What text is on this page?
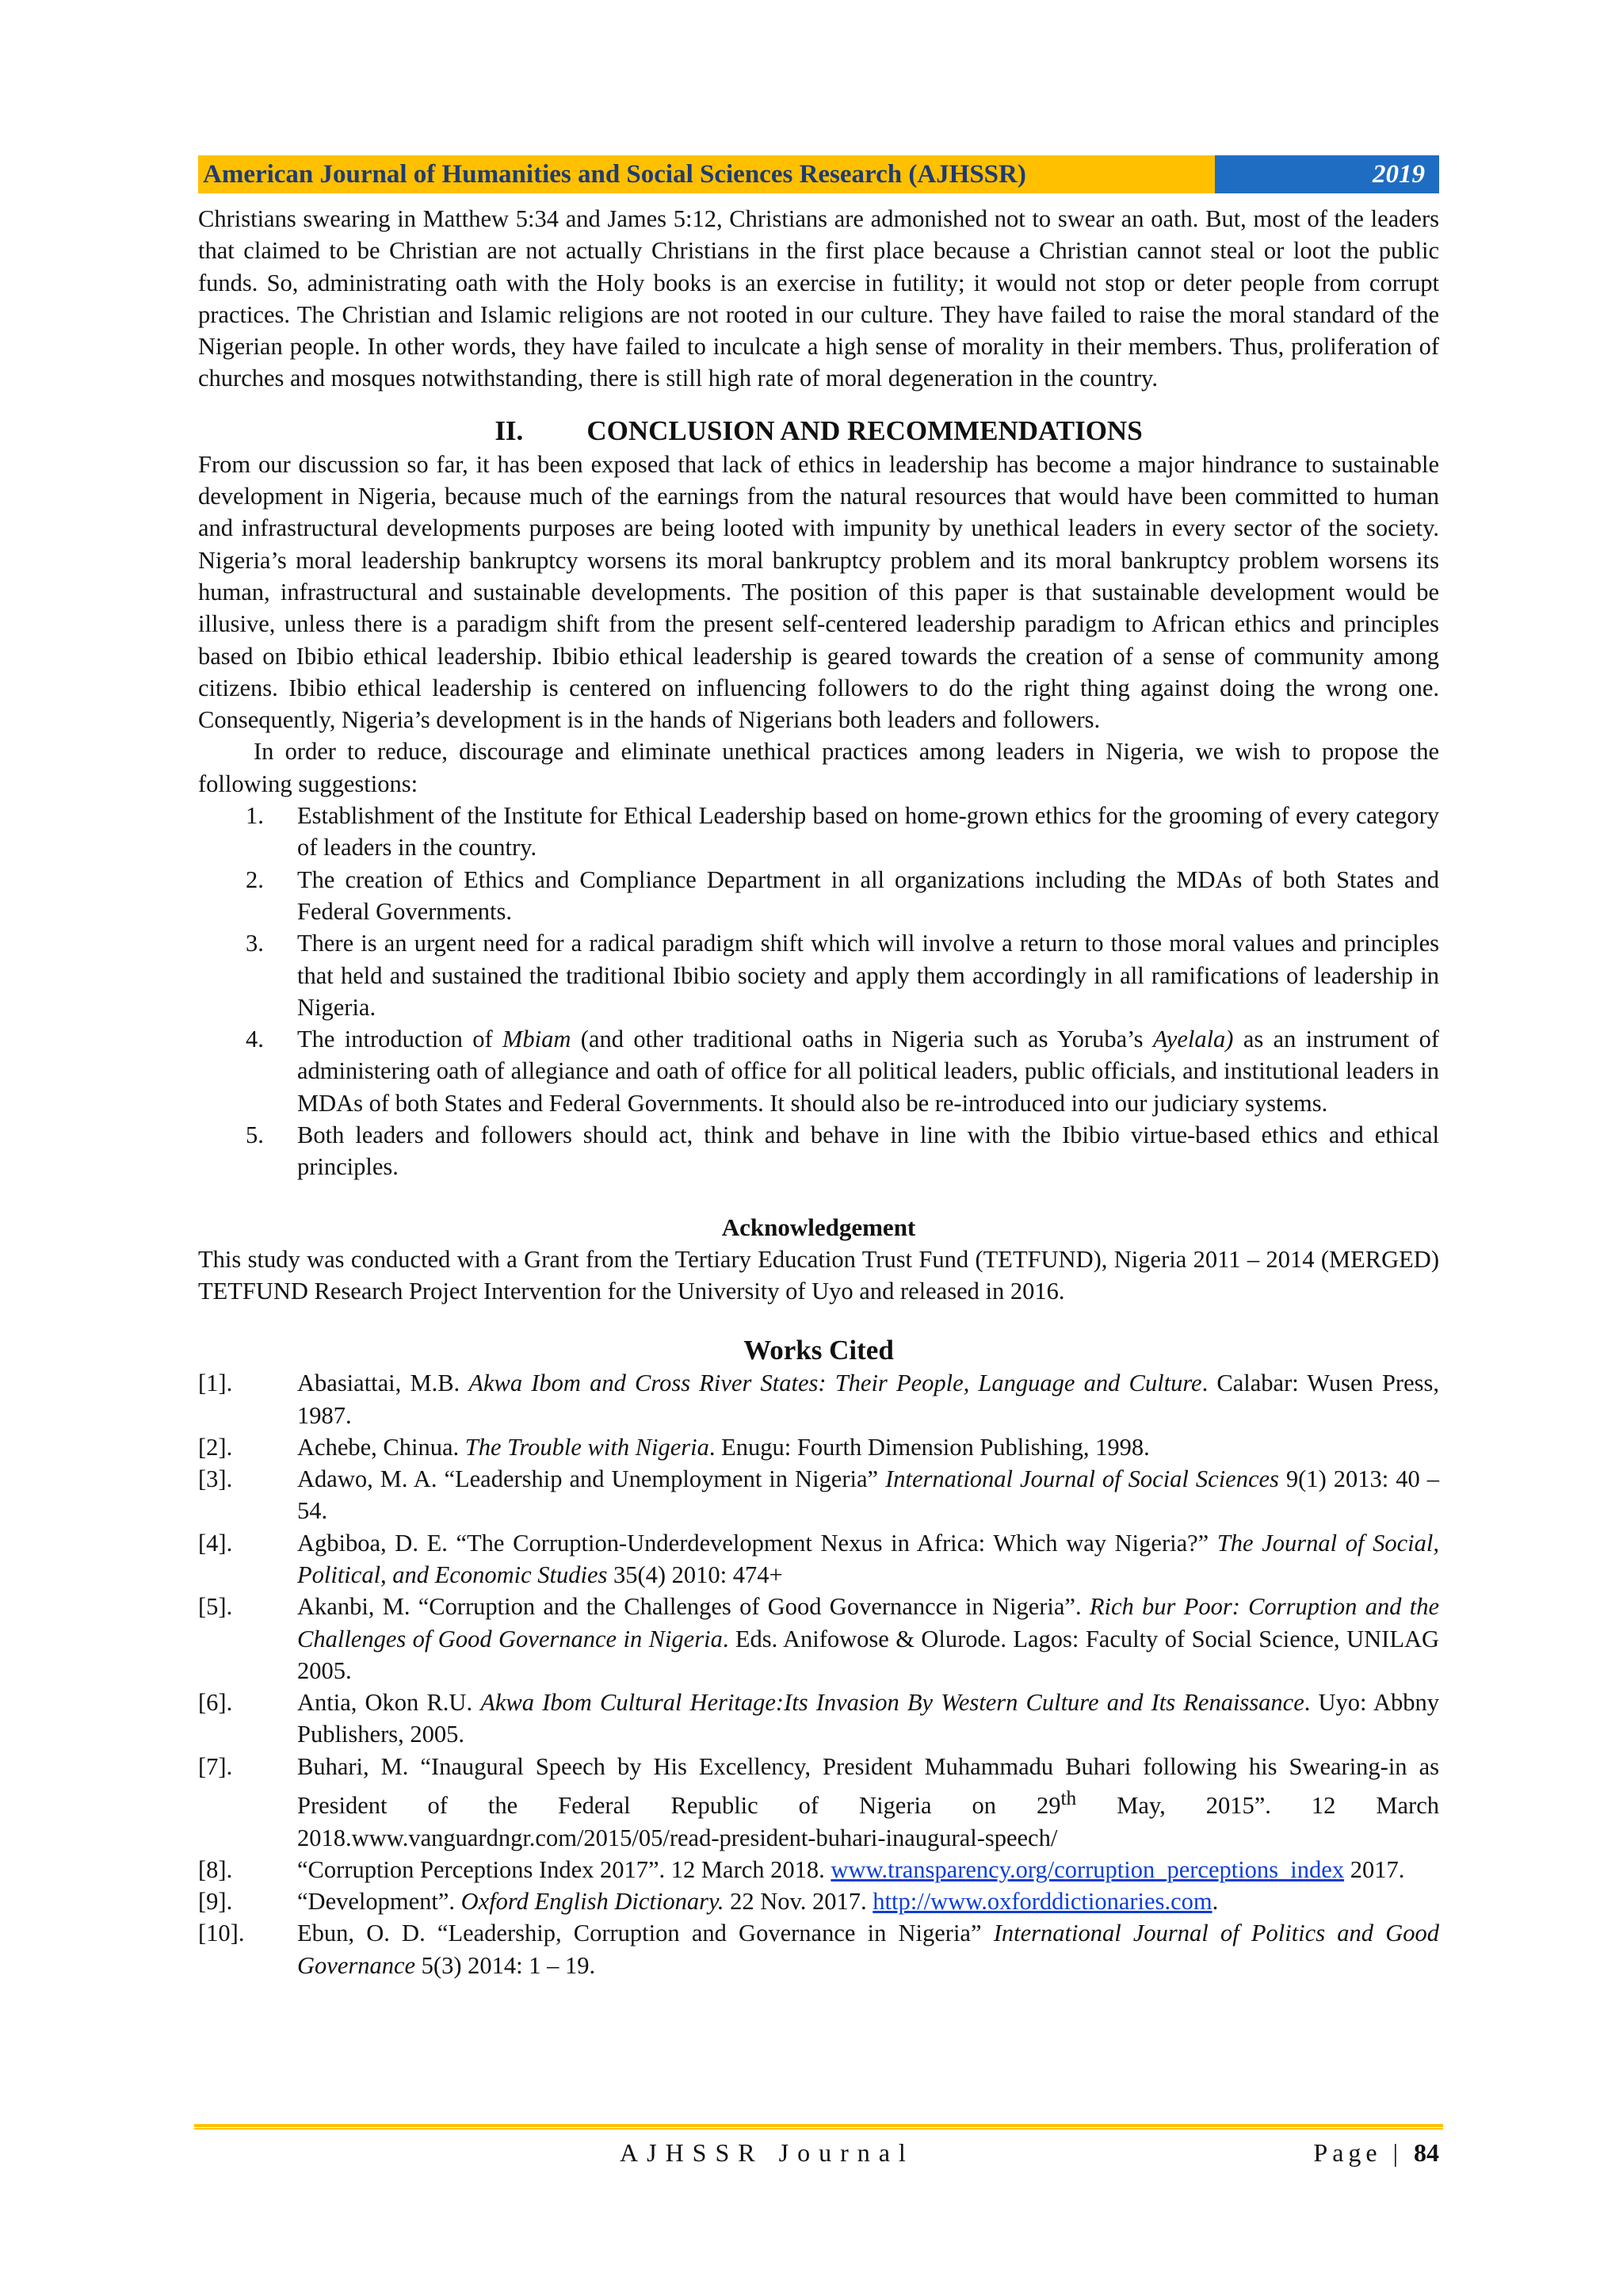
American Journal of Humanities and Social Sciences Research (AJHSSR)	2019

Christians swearing in Matthew 5:34 and James 5:12, Christians are admonished not to swear an oath. But, most of the leaders that claimed to be Christian are not actually Christians in the first place because a Christian cannot steal or loot the public funds. So, administrating oath with the Holy books is an exercise in futility; it would not stop or deter people from corrupt practices. The Christian and Islamic religions are not rooted in our culture. They have failed to raise the moral standard of the Nigerian people. In other words, they have failed to inculcate a high sense of morality in their members. Thus, proliferation of churches and mosques notwithstanding, there is still high rate of moral degeneration in the country.

II. CONCLUSION AND RECOMMENDATIONS

From our discussion so far, it has been exposed that lack of ethics in leadership has become a major hindrance to sustainable development in Nigeria, because much of the earnings from the natural resources that would have been committed to human and infrastructural developments purposes are being looted with impunity by unethical leaders in every sector of the society. Nigeria’s moral leadership bankruptcy worsens its moral bankruptcy problem and its moral bankruptcy problem worsens its human, infrastructural and sustainable developments. The position of this paper is that sustainable development would be illusive, unless there is a paradigm shift from the present self-centered leadership paradigm to African ethics and principles based on Ibibio ethical leadership. Ibibio ethical leadership is geared towards the creation of a sense of community among citizens. Ibibio ethical leadership is centered on influencing followers to do the right thing against doing the wrong one. Consequently, Nigeria’s development is in the hands of Nigerians both leaders and followers.

In order to reduce, discourage and eliminate unethical practices among leaders in Nigeria, we wish to propose the following suggestions:

1. Establishment of the Institute for Ethical Leadership based on home-grown ethics for the grooming of every category of leaders in the country.
2. The creation of Ethics and Compliance Department in all organizations including the MDAs of both States and Federal Governments.
3. There is an urgent need for a radical paradigm shift which will involve a return to those moral values and principles that held and sustained the traditional Ibibio society and apply them accordingly in all ramifications of leadership in Nigeria.
4. The introduction of Mbiam (and other traditional oaths in Nigeria such as Yoruba’s Ayelala) as an instrument of administering oath of allegiance and oath of office for all political leaders, public officials, and institutional leaders in MDAs of both States and Federal Governments. It should also be re-introduced into our judiciary systems.
5. Both leaders and followers should act, think and behave in line with the Ibibio virtue-based ethics and ethical principles.
Acknowledgement

This study was conducted with a Grant from the Tertiary Education Trust Fund (TETFUND), Nigeria 2011 – 2014 (MERGED) TETFUND Research Project Intervention for the University of Uyo and released in 2016.

Works Cited
[1].	Abasiattai, M.B. Akwa Ibom and Cross River States: Their People, Language and Culture. Calabar: Wusen Press, 1987.
[2].	Achebe, Chinua. The Trouble with Nigeria. Enugu: Fourth Dimension Publishing, 1998.
[3].	Adawo, M. A. “Leadership and Unemployment in Nigeria” International Journal of Social Sciences 9(1) 2013: 40 – 54.
[4].	Agbiboa, D. E. “The Corruption-Underdevelopment Nexus in Africa: Which way Nigeria?” The Journal of Social, Political, and Economic Studies 35(4) 2010: 474+
[5].	Akanbi, M. “Corruption and the Challenges of Good Governancce in Nigeria”. Rich bur Poor: Corruption and the Challenges of Good Governance in Nigeria. Eds. Anifowose & Olurode. Lagos: Faculty of Social Science, UNILAG 2005.
[6].	Antia, Okon R.U. Akwa Ibom Cultural Heritage:Its Invasion By Western Culture and Its Renaissance. Uyo: Abbny Publishers, 2005.
[7].	Buhari, M. “Inaugural Speech by His Excellency, President Muhammadu Buhari following his Swearing-in as President of the Federal Republic of Nigeria on 29th May, 2015”. 12 March 2018.www.vanguardngr.com/2015/05/read-president-buhari-inaugural-speech/
[8].	“Corruption Perceptions Index 2017”. 12 March 2018. www.transparency.org/corruption_perceptions_index 2017.
[9].	“Development”. Oxford English Dictionary. 22 Nov. 2017. http://www.oxforddictionaries.com.
[10]. Ebun, O. D. “Leadership, Corruption and Governance in Nigeria” International Journal of Politics and Good Governance 5(3) 2014: 1 – 19.
AJHSSR Journal	Page | 84
